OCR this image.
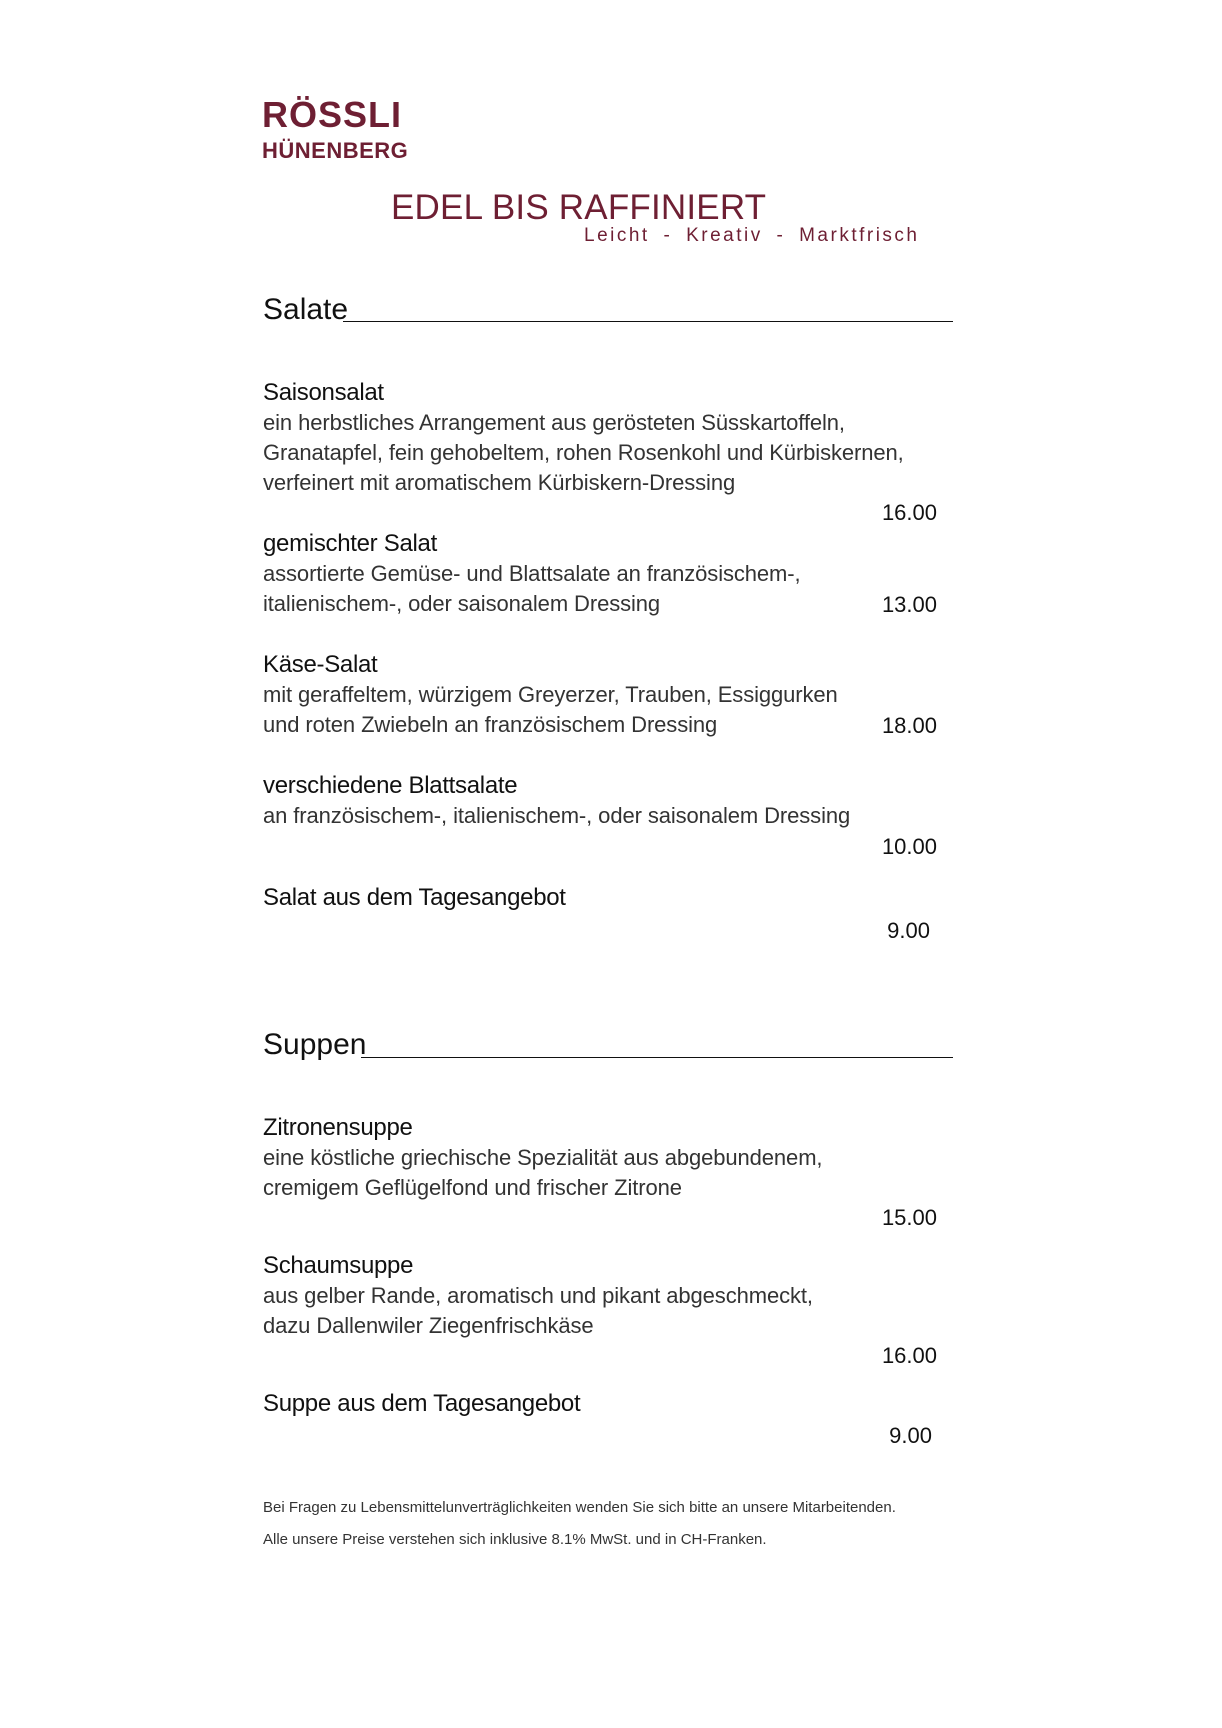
RÖSSLI
HÜNENBERG
EDEL BIS RAFFINIERT
Leicht - Kreativ - Marktfrisch
Salate
Saisonsalat
ein herbstliches Arrangement aus gerösteten Süsskartoffeln,
Granatapfel, fein gehobeltem, rohen Rosenkohl und Kürbiskernen,
verfeinert mit aromatischem Kürbiskern-Dressing
16.00
gemischter Salat
assortierte Gemüse- und Blattsalate an französischem-,
italienischem-, oder saisonalem Dressing	13.00
Käse-Salat
mit geraffeltem, würzigem Greyerzer, Trauben, Essiggurken
und roten Zwiebeln an französischem Dressing	18.00
verschiedene Blattsalate
an französischem-, italienischem-, oder saisonalem Dressing
10.00
Salat aus dem Tagesangebot
9.00
Suppen
Zitronensuppe
eine köstliche griechische Spezialität aus abgebundenem,
cremigem Geflügelfond und frischer Zitrone
15.00
Schaumsuppe
aus gelber Rande, aromatisch und pikant abgeschmeckt,
dazu Dallenwiler Ziegenfrischkäse
16.00
Suppe aus dem Tagesangebot
9.00
Bei Fragen zu Lebensmittelunverträglichkeiten wenden Sie sich bitte an unsere Mitarbeitenden.
Alle unsere Preise verstehen sich inklusive 8.1% MwSt. und in CH-Franken.
